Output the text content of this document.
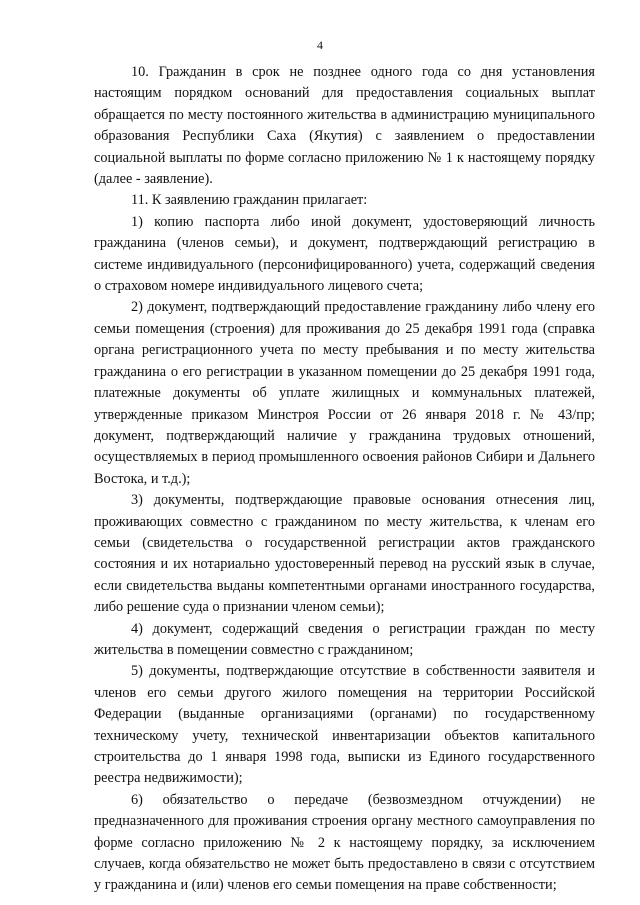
4

10. Гражданин в срок не позднее одного года со дня установления настоящим порядком оснований для предоставления социальных выплат обращается по месту постоянного жительства в администрацию муниципального образования Республики Саха (Якутия) с заявлением о предоставлении социальной выплаты по форме согласно приложению № 1 к настоящему порядку (далее - заявление).

11. К заявлению гражданин прилагает:

1) копию паспорта либо иной документ, удостоверяющий личность гражданина (членов семьи), и документ, подтверждающий регистрацию в системе индивидуального (персонифицированного) учета, содержащий сведения о страховом номере индивидуального лицевого счета;

2) документ, подтверждающий предоставление гражданину либо члену его семьи помещения (строения) для проживания до 25 декабря 1991 года (справка органа регистрационного учета по месту пребывания и по месту жительства гражданина о его регистрации в указанном помещении до 25 декабря 1991 года, платежные документы об уплате жилищных и коммунальных платежей, утвержденные приказом Минстроя России от 26 января 2018 г. № 43/пр; документ, подтверждающий наличие у гражданина трудовых отношений, осуществляемых в период промышленного освоения районов Сибири и Дальнего Востока, и т.д.);

3) документы, подтверждающие правовые основания отнесения лиц, проживающих совместно с гражданином по месту жительства, к членам его семьи (свидетельства о государственной регистрации актов гражданского состояния и их нотариально удостоверенный перевод на русский язык в случае, если свидетельства выданы компетентными органами иностранного государства, либо решение суда о признании членом семьи);

4) документ, содержащий сведения о регистрации граждан по месту жительства в помещении совместно с гражданином;

5) документы, подтверждающие отсутствие в собственности заявителя и членов его семьи другого жилого помещения на территории Российской Федерации (выданные организациями (органами) по государственному техническому учету, технической инвентаризации объектов капитального строительства до 1 января 1998 года, выписки из Единого государственного реестра недвижимости);

6) обязательство о передаче (безвозмездном отчуждении) не предназначенного для проживания строения органу местного самоуправления по форме согласно приложению № 2 к настоящему порядку, за исключением случаев, когда обязательство не может быть предоставлено в связи с отсутствием у гражданина и (или) членов его семьи помещения на праве собственности;
